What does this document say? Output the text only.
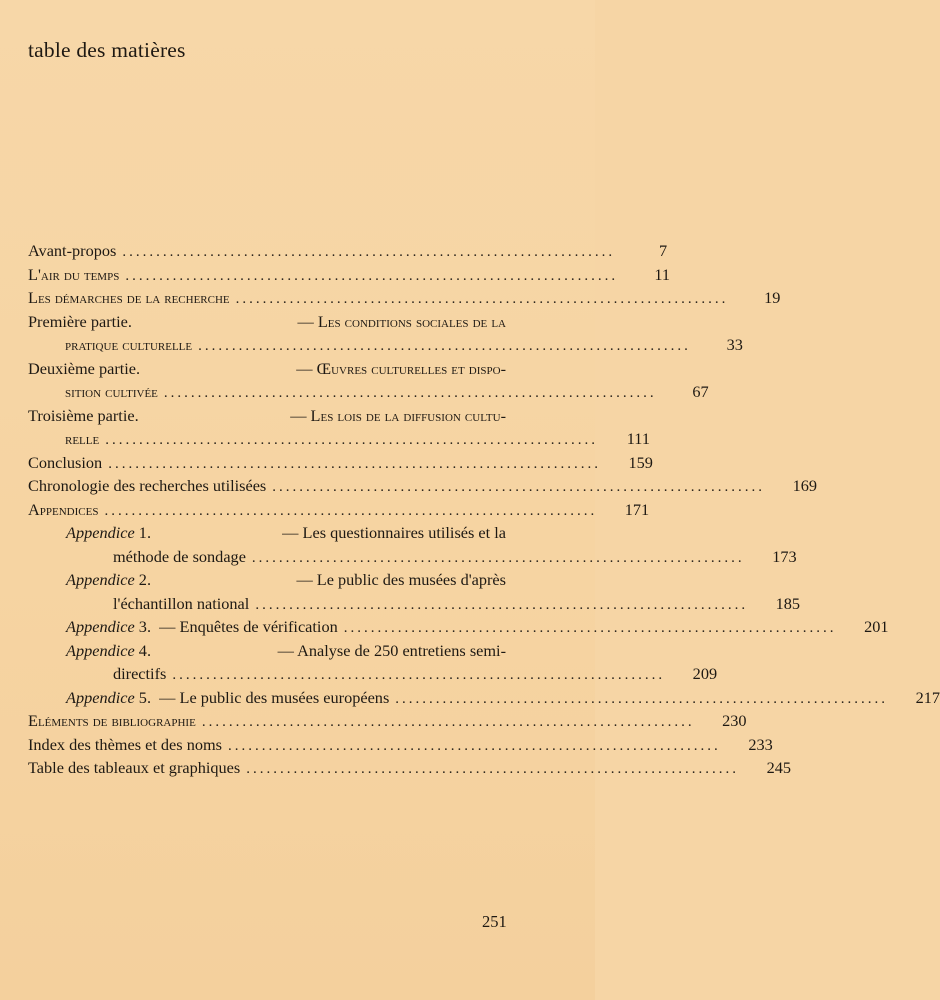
table des matières
Avant-propos .........................................................................	7
L'air du temps .........................................................................	11
Les démarches de la recherche .........................................................................	19
Première partie.	— Les conditions sociales de la
pratique culturelle .........................................................................	33
Deuxième partie.	— Œuvres culturelles et dispo-
sition cultivée .........................................................................	67
Troisième partie.	— Les lois de la diffusion cultu-
relle .........................................................................	111
Conclusion .........................................................................	159
Chronologie des recherches utilisées .........................................................................	169
Appendices .........................................................................	171
Appendice 1.	— Les questionnaires utilisés et la
méthode de sondage .........................................................................	173
Appendice 2.	— Le public des musées d'après
l'échantillon national .........................................................................	185
Appendice 3. — Enquêtes de vérification .........................................................................	201
Appendice 4.	— Analyse de 250 entretiens semi-
directifs .........................................................................	209
Appendice 5. — Le public des musées européens .........................................................................	217
Eléments de bibliographie .........................................................................	230
Index des thèmes et des noms .........................................................................	233
Table des tableaux et graphiques .........................................................................	245
251
